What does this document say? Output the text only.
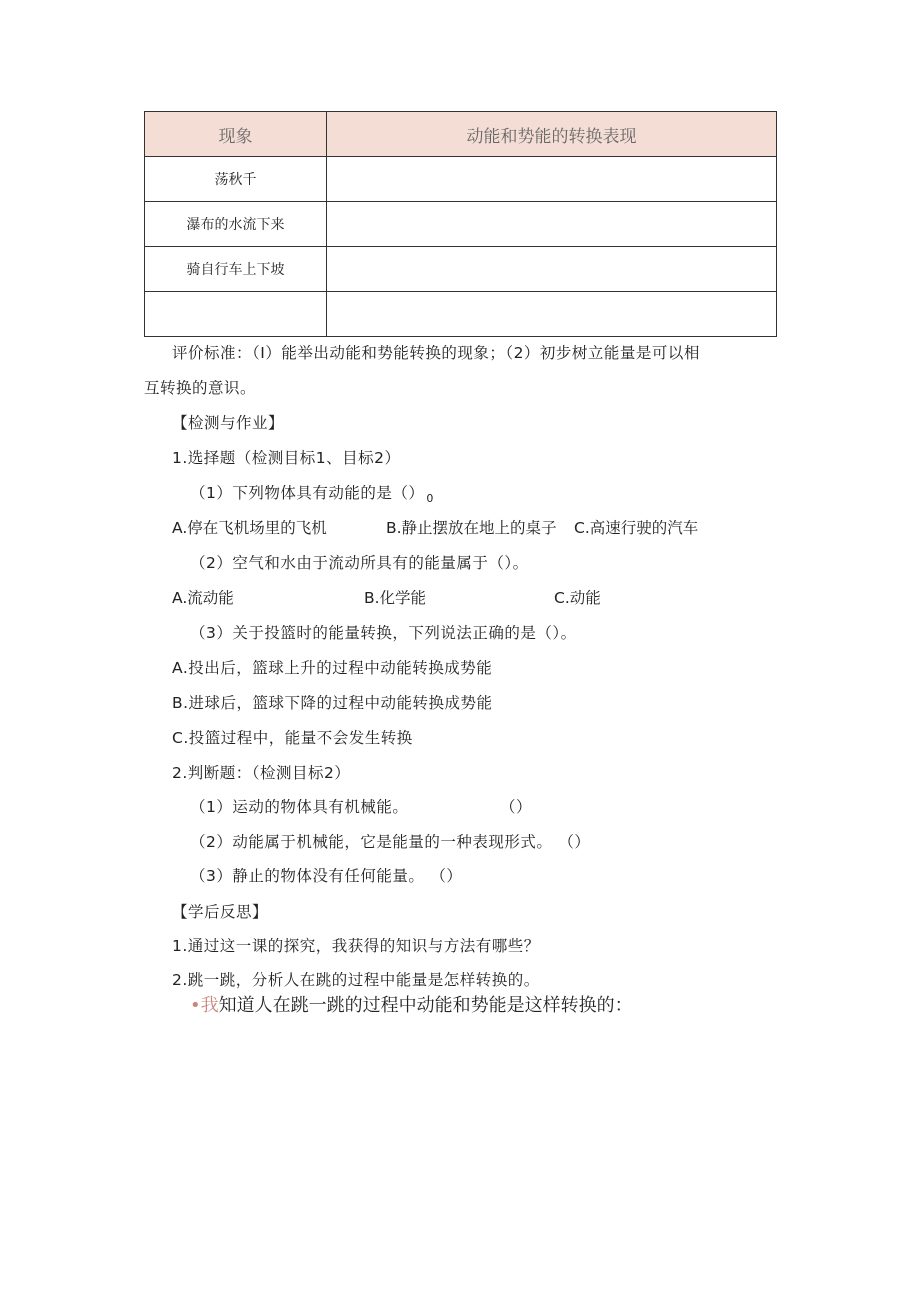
现象	动能和势能的转换表现
荡秋千	
瀑布的水流下来	
骑自行车上下坡	

评价标准：（I）能举出动能和势能转换的现象；（2）初步树立能量是可以相
互转换的意识。
【检测与作业】
1.选择题（检测目标1、目标2）
（1）下列物体具有动能的是（） $_0$
A.停在飞机场里的飞机	B.静止摆放在地上的桌子 C.高速行驶的汽车
（2）空气和水由于流动所具有的能量属于（）。
A.流动能	B.化学能	C.动能
（3）关于投篮时的能量转换，下列说法正确的是（）。
A.投出后，篮球上升的过程中动能转换成势能
B.进球后，篮球下降的过程中动能转换成势能
C.投篮过程中，能量不会发生转换
2.判断题：（检测目标2）
（1）运动的物体具有机械能。	（）
（2）动能属于机械能，它是能量的一种表现形式。 （）
（3）静止的物体没有任何能量。 （）
【学后反思】
1.通过这一课的探究，我获得的知识与方法有哪些？
2.跳一跳，分析人在跳的过程中能量是怎样转换的。
•我知道人在跳一跳的过程中动能和势能是这样转换的：
